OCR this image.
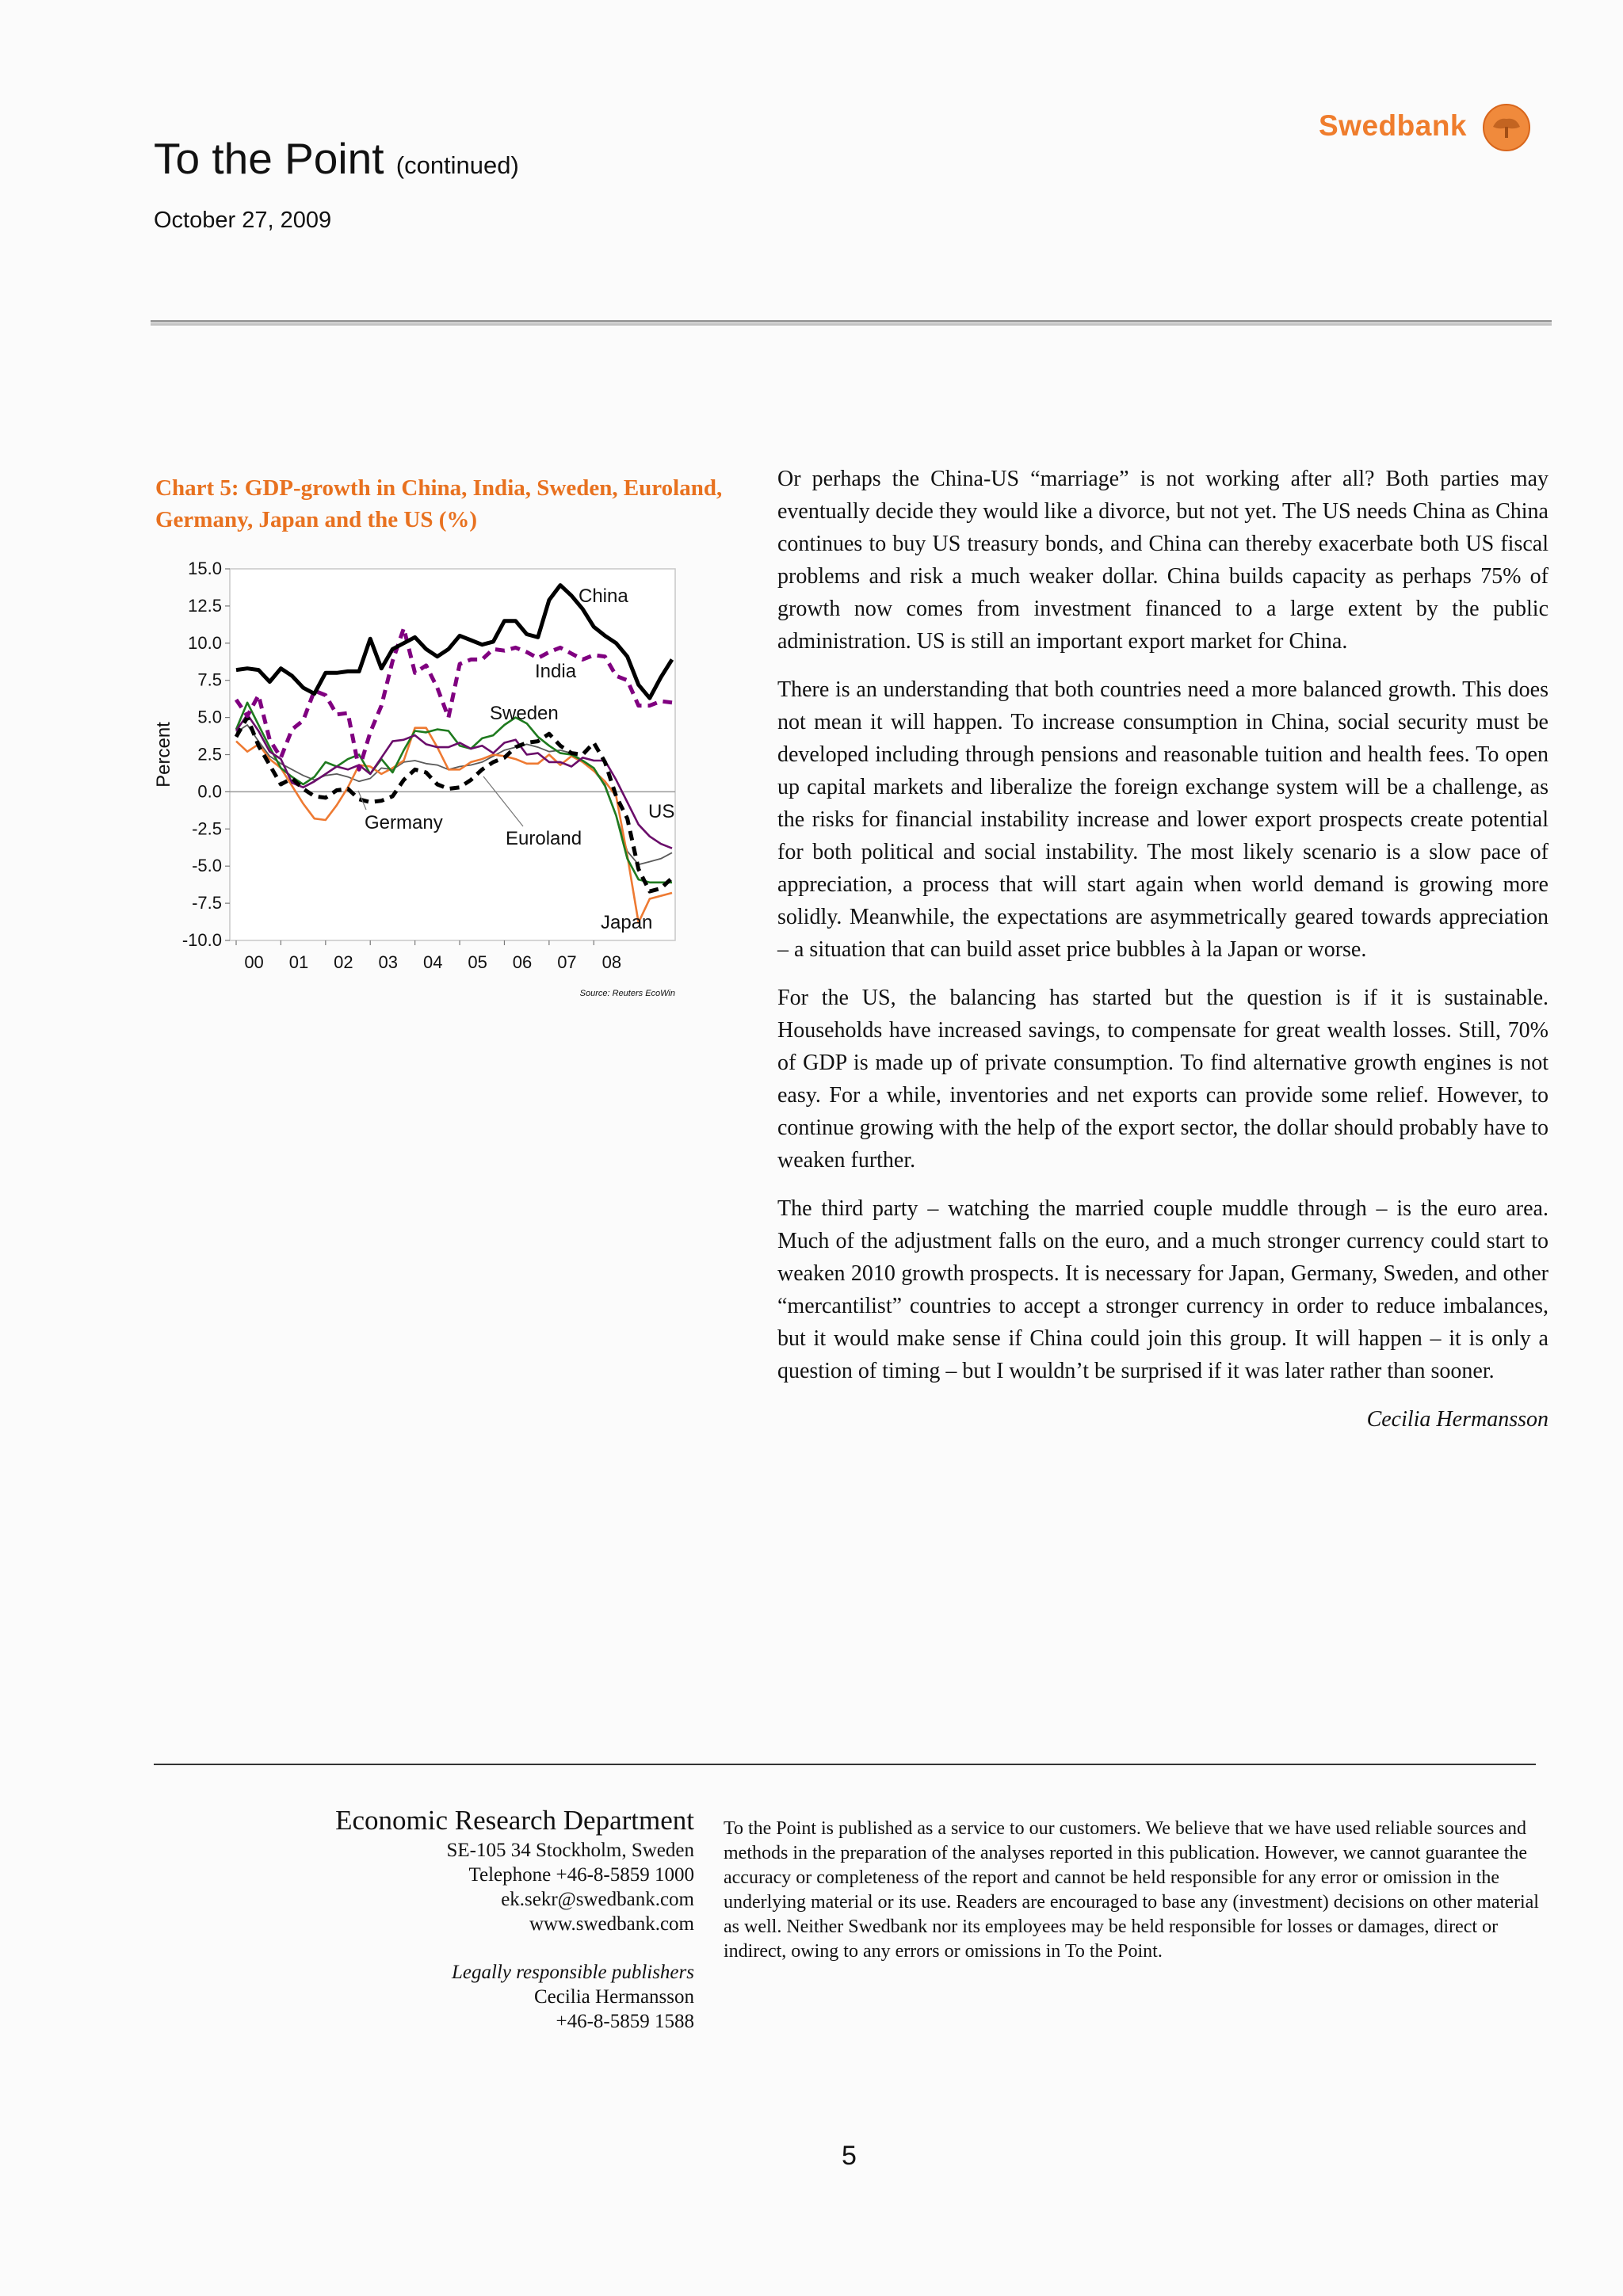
To the Point (continued)
October 27, 2009
Swedbank
Chart 5: GDP-growth in China, India, Sweden, Euroland, Germany, Japan and the US (%)
15.0
12.5
10.0
7.5
5.0
2.5
0.0
-2.5
-5.0
-7.5
-10.0
00 01 02 03 04 05 06 07 08
Percent
China
India
Sweden
Germany
Euroland
US
Japan
Source: Reuters EcoWin

Or perhaps the China-US “marriage” is not working after all? Both parties may eventually decide they would like a divorce, but not yet. The US needs China as China continues to buy US treasury bonds, and China can thereby exacerbate both US fiscal problems and risk a much weaker dollar. China builds capacity as perhaps 75% of growth now comes from investment financed to a large extent by the public administration. US is still an important export market for China.

There is an understanding that both countries need a more balanced growth. This does not mean it will happen. To increase consumption in China, social security must be developed including through pensions and reasonable tuition and health fees. To open up capital markets and liberalize the foreign exchange system will be a challenge, as the risks for financial instability increase and lower export prospects create potential for both political and social instability. The most likely scenario is a slow pace of appreciation, a process that will start again when world demand is growing more solidly. Meanwhile, the expectations are asymmetrically geared towards appreciation – a situation that can build asset price bubbles à la Japan or worse.

For the US, the balancing has started but the question is if it is sustainable. Households have increased savings, to compensate for great wealth losses. Still, 70% of GDP is made up of private consumption. To find alternative growth engines is not easy. For a while, inventories and net exports can provide some relief. However, to continue growing with the help of the export sector, the dollar should probably have to weaken further.

The third party – watching the married couple muddle through – is the euro area. Much of the adjustment falls on the euro, and a much stronger currency could start to weaken 2010 growth prospects. It is necessary for Japan, Germany, Sweden, and other “mercantilist” countries to accept a stronger currency in order to reduce imbalances, but it would make sense if China could join this group. It will happen – it is only a question of timing – but I wouldn’t be surprised if it was later rather than sooner.

Cecilia Hermansson

Economic Research Department
SE-105 34 Stockholm, Sweden
Telephone +46-8-5859 1000
ek.sekr@swedbank.com
www.swedbank.com
Legally responsible publishers
Cecilia Hermansson
+46-8-5859 1588
To the Point is published as a service to our customers. We believe that we have used reliable sources and methods in the preparation of the analyses reported in this publication. However, we cannot guarantee the accuracy or completeness of the report and cannot be held responsible for any error or omission in the underlying material or its use. Readers are encouraged to base any (investment) decisions on other material as well. Neither Swedbank nor its employees may be held responsible for losses or damages, direct or indirect, owing to any errors or omissions in To the Point.
5
